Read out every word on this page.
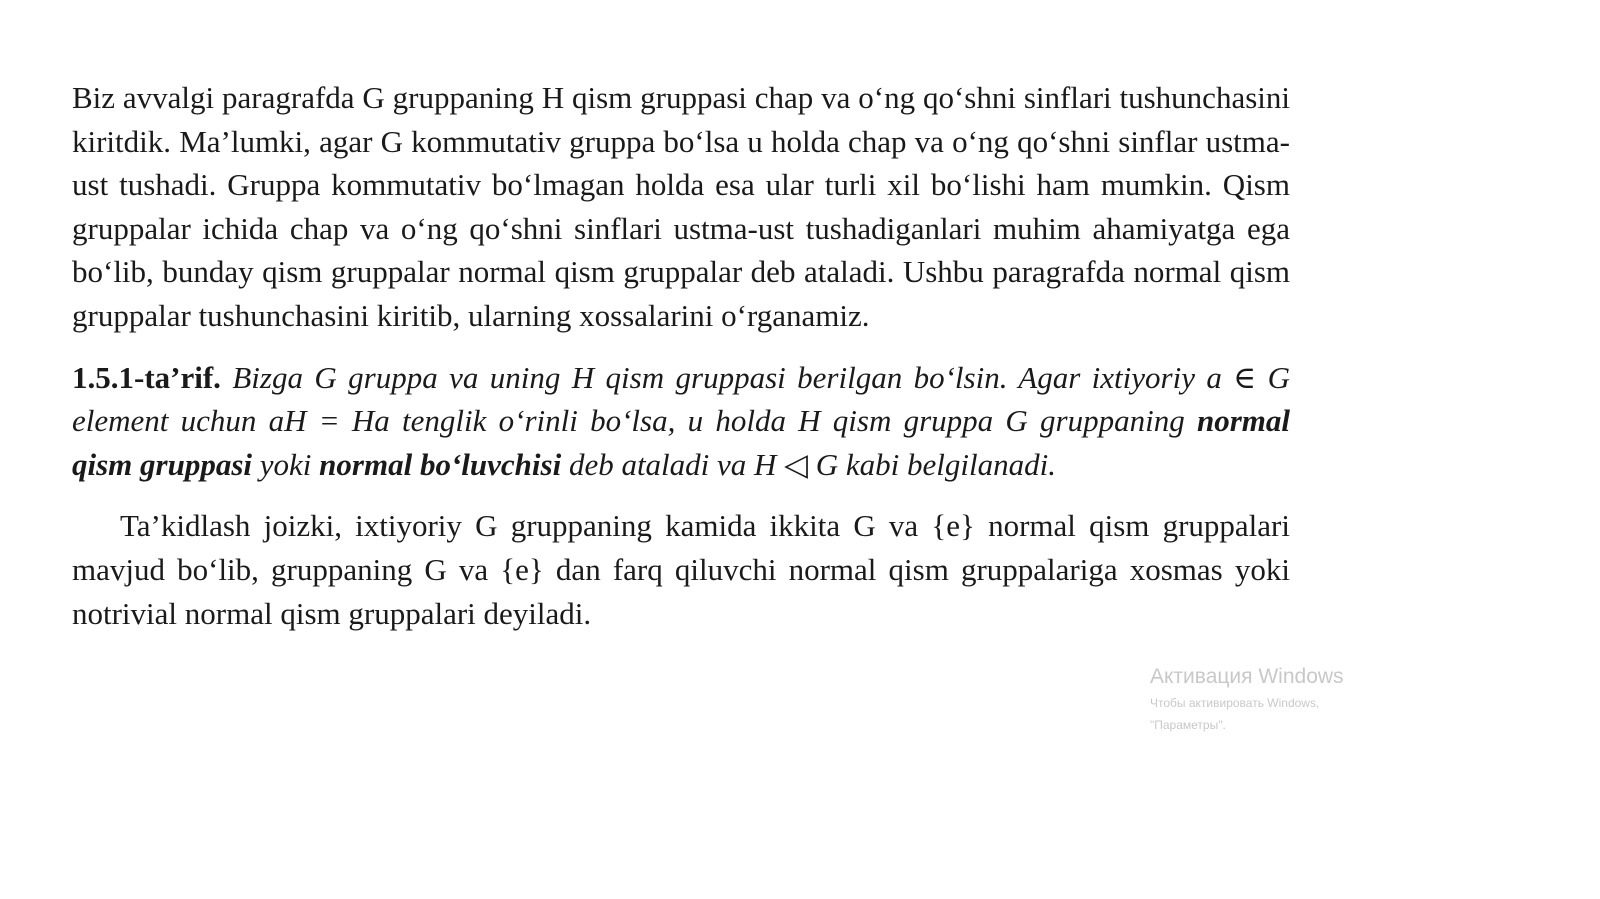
Biz avvalgi paragrafda G gruppaning H qism gruppasi chap va o‘ng qo‘shni sinflari tushunchasini kiritdik. Ma’lumki, agar G kommutativ gruppa bo‘lsa u holda chap va o‘ng qo‘shni sinflar ustma-ust tushadi. Gruppa kommutativ bo‘lmagan holda esa ular turli xil bo‘lishi ham mumkin. Qism gruppalar ichida chap va o‘ng qo‘shni sinflari ustma-ust tushadiganlari muhim ahamiyatga ega bo‘lib, bunday qism gruppalar normal qism gruppalar deb ataladi. Ushbu paragrafda normal qism gruppalar tushunchasini kiritib, ularning xossalarini o‘rganamiz.

1.5.1-ta’rif. Bizga G gruppa va uning H qism gruppasi berilgan bo‘lsin. Agar ixtiyoriy a ∈ G element uchun aH = Ha tenglik o‘rinli bo‘lsa, u holda H qism gruppa G gruppaning normal qism gruppasi yoki normal bo‘luvchisi deb ataladi va H ◁ G kabi belgilanadi.

Ta’kidlash joizki, ixtiyoriy G gruppaning kamida ikkita G va {e} normal qism gruppalari mavjud bo‘lib, gruppaning G va {e} dan farq qiluvchi normal qism gruppalariga xosmas yoki notrivial normal qism gruppalari deyiladi.

Активация Windows
Чтобы активировать Windows,
"Параметры".
